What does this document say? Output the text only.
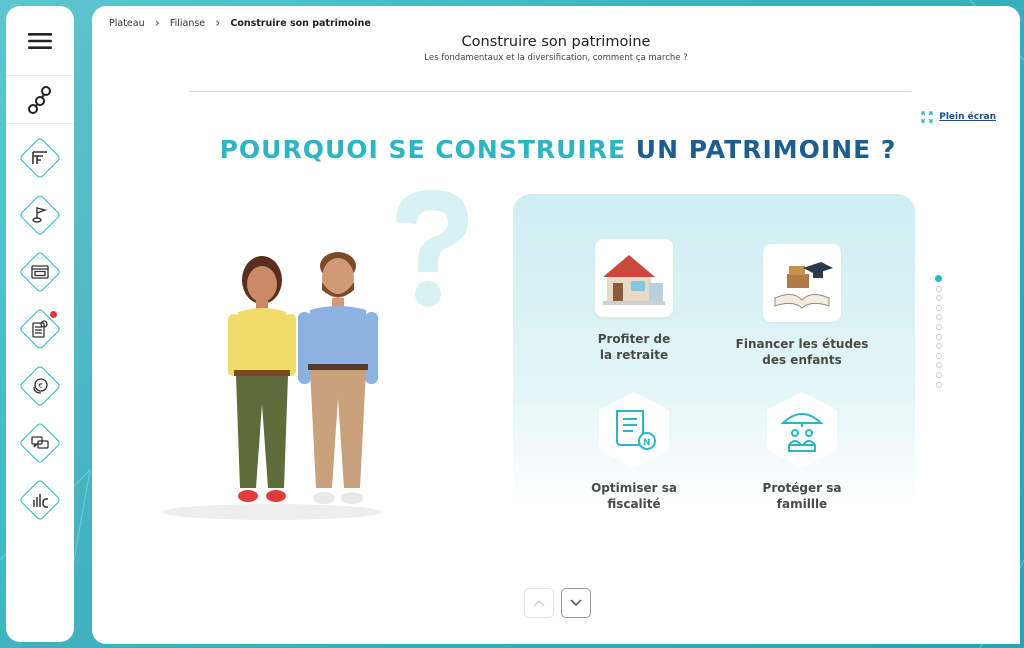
€
Plateau › Filianse › Construire son patrimoine
Construire son patrimoine
Les fondamentaux et la diversification, comment ça marche ?
Plein écran
POURQUOI SE CONSTRUIRE UN PATRIMOINE ?
Profiter de
la retraite
Financer les études
des enfants
N
Optimiser sa
fiscalité
Protéger sa
famillle
